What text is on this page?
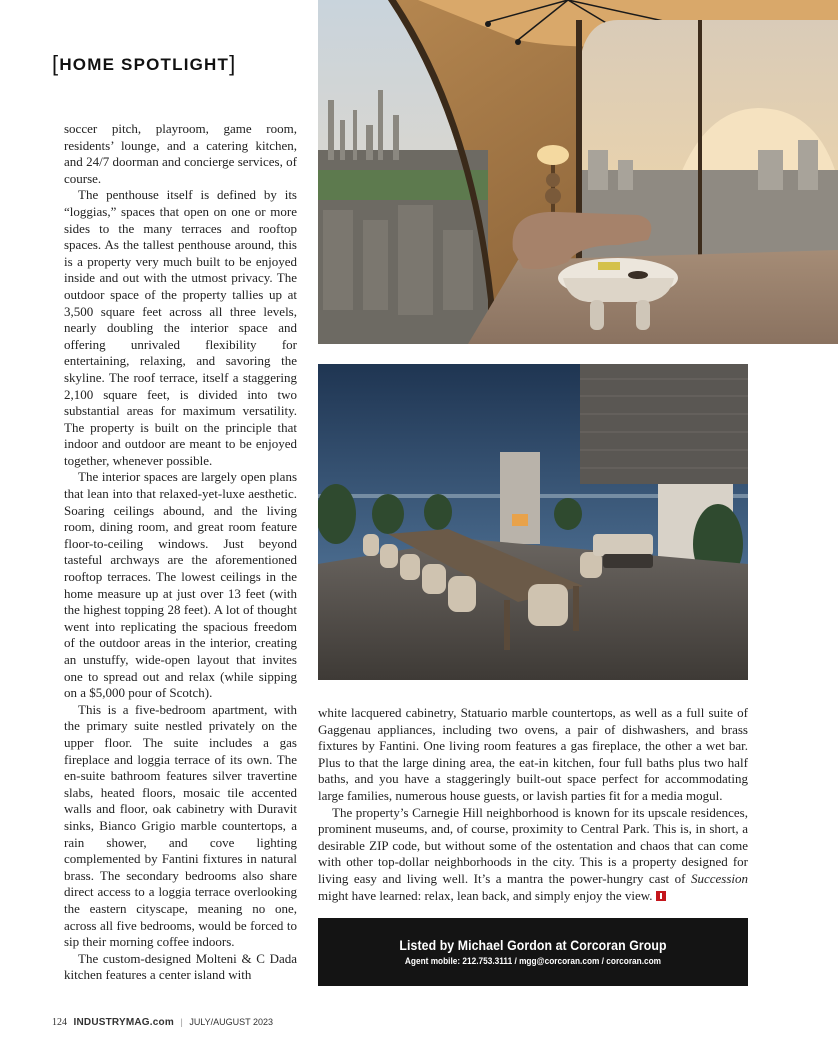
[HOME SPOTLIGHT]

soccer pitch, playroom, game room, residents’ lounge, and a catering kitchen, and 24/7 doorman and concierge services, of course.

The penthouse itself is defined by its “loggias,” spaces that open on one or more sides to the many terraces and rooftop spaces. As the tallest penthouse around, this is a property very much built to be enjoyed inside and out with the utmost privacy. The outdoor space of the property tallies up at 3,500 square feet across all three levels, nearly doubling the interior space and offering unrivaled flexibility for entertaining, relaxing, and savoring the skyline. The roof terrace, itself a staggering 2,100 square feet, is divided into two substantial areas for maximum versatility. The property is built on the principle that indoor and outdoor are meant to be enjoyed together, whenever possible.

The interior spaces are largely open plans that lean into that relaxed-yet-luxe aesthetic. Soaring ceilings abound, and the living room, dining room, and great room feature floor-to-ceiling windows. Just beyond tasteful archways are the aforementioned rooftop terraces. The lowest ceilings in the home measure up at just over 13 feet (with the highest topping 28 feet). A lot of thought went into replicating the spacious freedom of the outdoor areas in the interior, creating an unstuffy, wide-open layout that invites one to spread out and relax (while sipping on a $5,000 pour of Scotch).

This is a five-bedroom apartment, with the primary suite nestled privately on the upper floor. The suite includes a gas fireplace and loggia terrace of its own. The en-suite bathroom features silver travertine slabs, heated floors, mosaic tile accented walls and floor, oak cabinetry with Duravit sinks, Bianco Grigio marble countertops, a rain shower, and cove lighting complemented by Fantini fixtures in natural brass. The secondary bedrooms also share direct access to a loggia terrace overlooking the eastern cityscape, meaning no one, across all five bedrooms, would be forced to sip their morning coffee indoors.

The custom-designed Molteni & C Dada kitchen features a center island with

white lacquered cabinetry, Statuario marble countertops, as well as a full suite of Gaggenau appliances, including two ovens, a pair of dishwashers, and brass fixtures by Fantini. One living room features a gas fireplace, the other a wet bar. Plus to that the large dining area, the eat-in kitchen, four full baths plus two half baths, and you have a staggeringly built-out space perfect for accommodating large families, numerous house guests, or lavish parties fit for a media mogul.

The property’s Carnegie Hill neighborhood is known for its upscale residences, prominent museums, and, of course, proximity to Central Park. This is, in short, a desirable ZIP code, but without some of the ostentation and chaos that can come with other top-dollar neighborhoods in the city. This is a property designed for living easy and living well. It’s a mantra the power-hungry cast of Succession might have learned: relax, lean back, and simply enjoy the view.

Listed by Michael Gordon at Corcoran Group
Agent mobile: 212.753.3111 / mgg@corcoran.com / corcoran.com
124 INDUSTRYMAG.com | JULY/AUGUST 2023
